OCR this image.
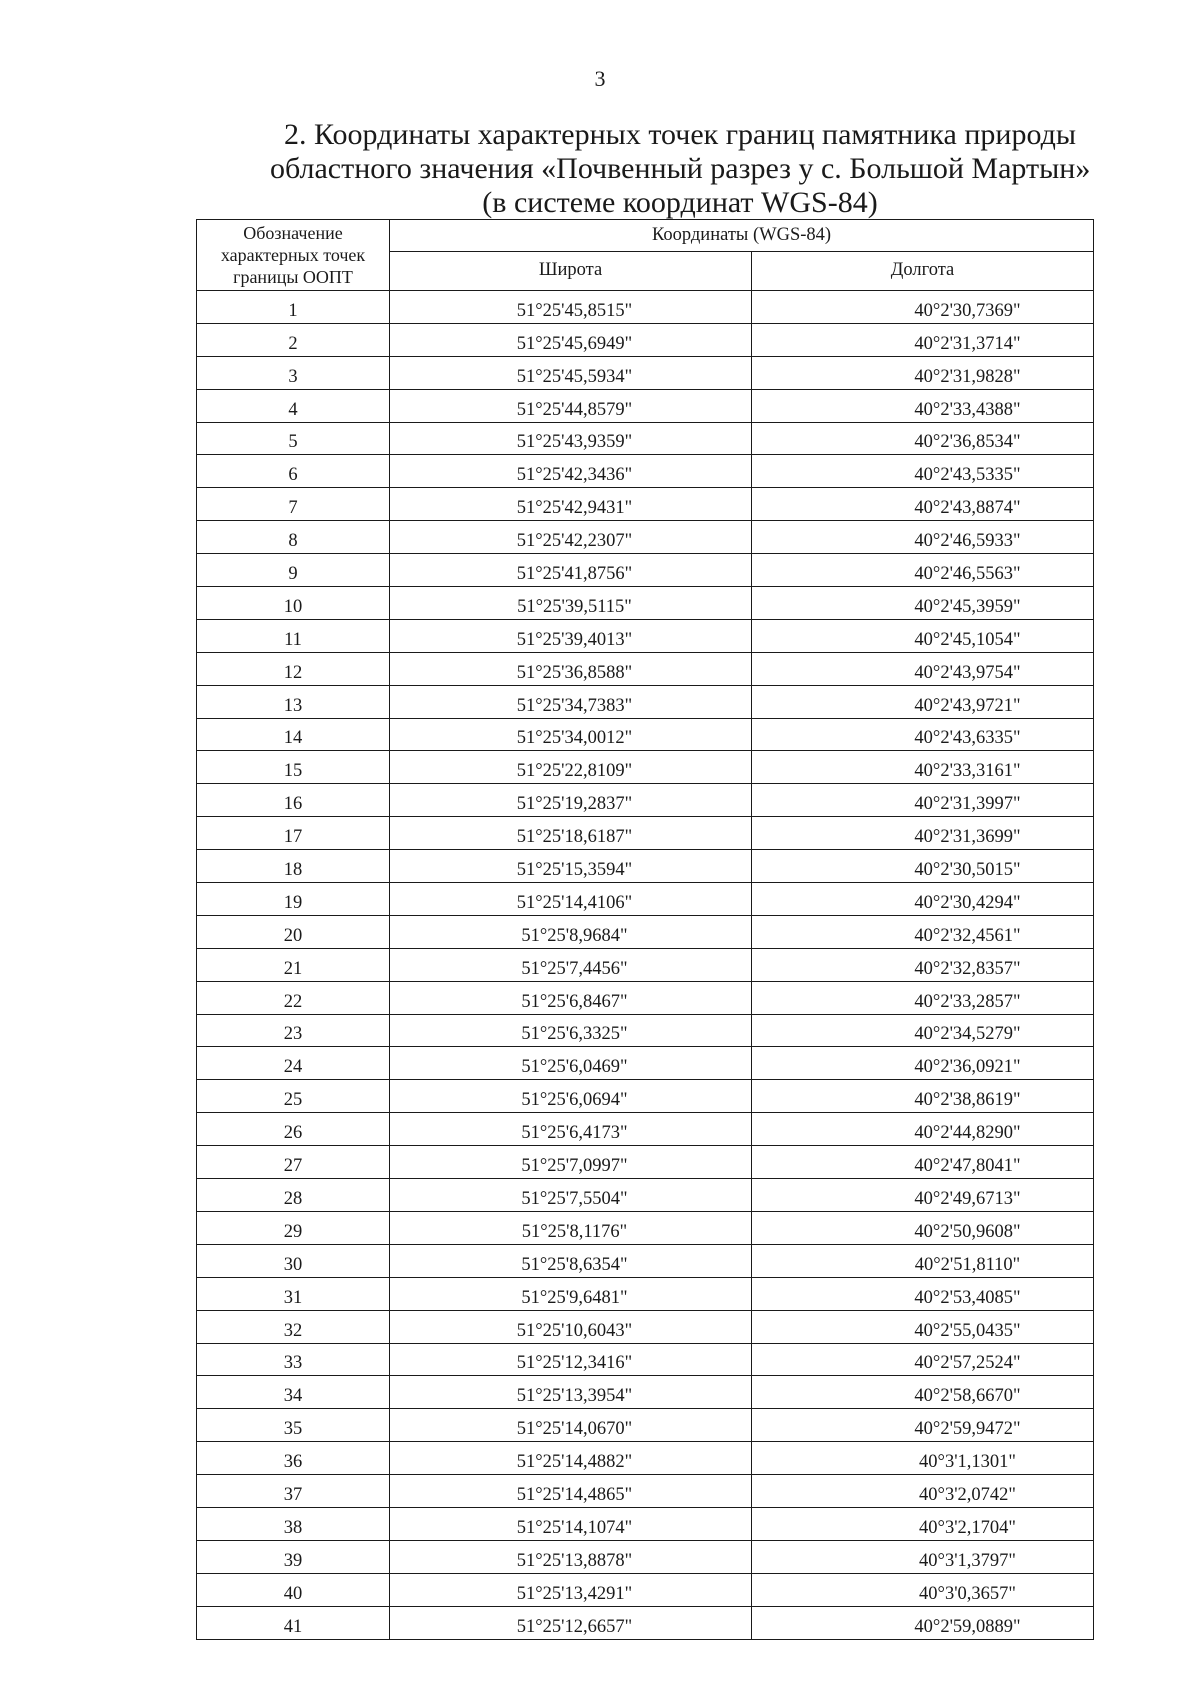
3
2. Координаты характерных точек границ памятника природы
областного значения «Почвенный разрез у с. Большой Мартын»
(в системе координат WGS-84)
Обозначение
характерных точек
границы ООПТ	Координаты (WGS-84)	
	Широта	Долгота
1	51°25'45,8515"	40°2'30,7369"
2	51°25'45,6949"	40°2'31,3714"
3	51°25'45,5934"	40°2'31,9828"
4	51°25'44,8579"	40°2'33,4388"
5	51°25'43,9359"	40°2'36,8534"
6	51°25'42,3436"	40°2'43,5335"
7	51°25'42,9431"	40°2'43,8874"
8	51°25'42,2307"	40°2'46,5933"
9	51°25'41,8756"	40°2'46,5563"
10	51°25'39,5115"	40°2'45,3959"
11	51°25'39,4013"	40°2'45,1054"
12	51°25'36,8588"	40°2'43,9754"
13	51°25'34,7383"	40°2'43,9721"
14	51°25'34,0012"	40°2'43,6335"
15	51°25'22,8109"	40°2'33,3161"
16	51°25'19,2837"	40°2'31,3997"
17	51°25'18,6187"	40°2'31,3699"
18	51°25'15,3594"	40°2'30,5015"
19	51°25'14,4106"	40°2'30,4294"
20	51°25'8,9684"	40°2'32,4561"
21	51°25'7,4456"	40°2'32,8357"
22	51°25'6,8467"	40°2'33,2857"
23	51°25'6,3325"	40°2'34,5279"
24	51°25'6,0469"	40°2'36,0921"
25	51°25'6,0694"	40°2'38,8619"
26	51°25'6,4173"	40°2'44,8290"
27	51°25'7,0997"	40°2'47,8041"
28	51°25'7,5504"	40°2'49,6713"
29	51°25'8,1176"	40°2'50,9608"
30	51°25'8,6354"	40°2'51,8110"
31	51°25'9,6481"	40°2'53,4085"
32	51°25'10,6043"	40°2'55,0435"
33	51°25'12,3416"	40°2'57,2524"
34	51°25'13,3954"	40°2'58,6670"
35	51°25'14,0670"	40°2'59,9472"
36	51°25'14,4882"	40°3'1,1301"
37	51°25'14,4865"	40°3'2,0742"
38	51°25'14,1074"	40°3'2,1704"
39	51°25'13,8878"	40°3'1,3797"
40	51°25'13,4291"	40°3'0,3657"
41	51°25'12,6657"	40°2'59,0889"
